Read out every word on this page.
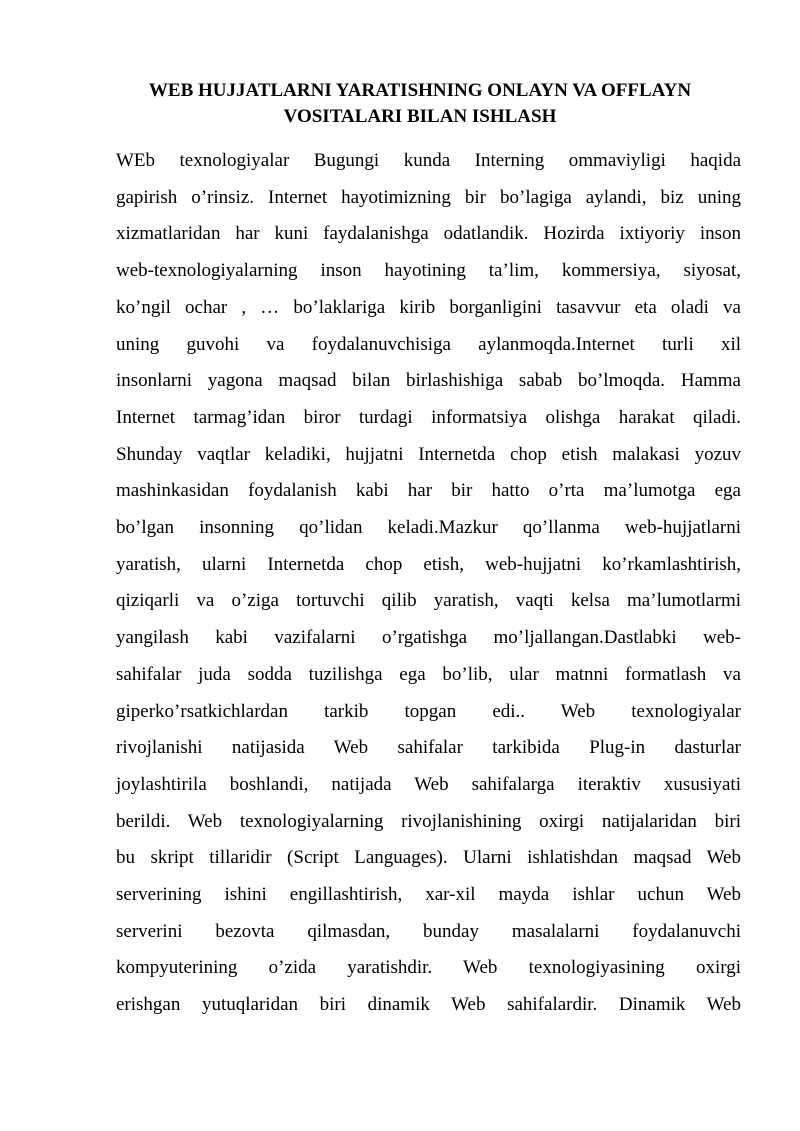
WEB HUJJATLARNI YARATISHNING ONLAYN VA OFFLAYN
VOSITALARI BILAN ISHLASH
WEb texnologiyalar Bugungi kunda Interning ommaviyligi haqida
gapirish o’rinsiz. Internet hayotimizning bir bo’lagiga aylandi, biz uning
xizmatlaridan har kuni faydalanishga odatlandik. Hozirda ixtiyoriy inson
web-texnologiyalarning inson hayotining ta’lim, kommersiya, siyosat,
ko’ngil ochar , … bo’laklariga kirib borganligini tasavvur eta oladi va
uning guvohi va foydalanuvchisiga aylanmoqda.Internet turli xil
insonlarni yagona maqsad bilan birlashishiga sabab bo’lmoqda. Hamma
Internet tarmag’idan biror turdagi informatsiya olishga harakat qiladi.
Shunday vaqtlar keladiki, hujjatni Internetda chop etish malakasi yozuv
mashinkasidan foydalanish kabi har bir hatto o’rta ma’lumotga ega
bo’lgan insonning qo’lidan keladi.Mazkur qo’llanma web-hujjatlarni
yaratish, ularni Internetda chop etish, web-hujjatni ko’rkamlashtirish,
qiziqarli va o’ziga tortuvchi qilib yaratish, vaqti kelsa ma’lumotlarmi
yangilash kabi vazifalarni o’rgatishga mo’ljallangan.Dastlabki web-
sahifalar juda sodda tuzilishga ega bo’lib, ular matnni formatlash va
giperko’rsatkichlardan tarkib topgan edi.. Web texnologiyalar
rivojlanishi natijasida Web sahifalar tarkibida Plug-in dasturlar
joylashtirila boshlandi, natijada Web sahifalarga iteraktiv xususiyati
berildi. Web texnologiyalarning rivojlanishining oxirgi natijalaridan biri
bu skript tillaridir (Script Languages). Ularni ishlatishdan maqsad Web
serverining ishini engillashtirish, xar-xil mayda ishlar uchun Web
serverini bezovta qilmasdan, bunday masalalarni foydalanuvchi
kompyuterining o’zida yaratishdir. Web texnologiyasining oxirgi
erishgan yutuqlaridan biri dinamik Web sahifalardir. Dinamik Web
